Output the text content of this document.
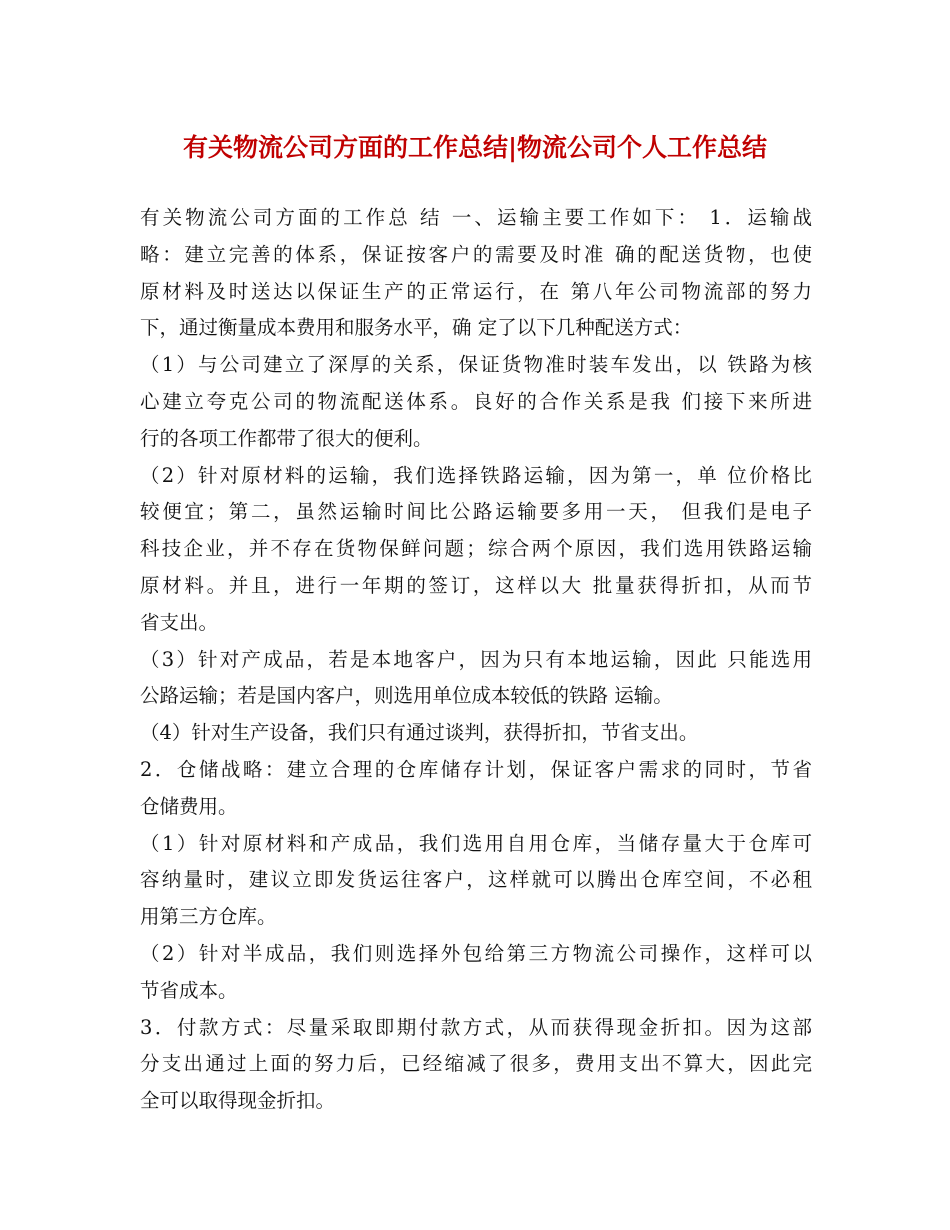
有关物流公司方面的工作总结|物流公司个人工作总结
有关物流公司方面的工作总 结 一、运输主要工作如下： 1．运输战
略：建立完善的体系，保证按客户的需要及时准 确的配送货物，也使
原材料及时送达以保证生产的正常运行，在 第八年公司物流部的努力
下，通过衡量成本费用和服务水平，确 定了以下几种配送方式：
（1）与公司建立了深厚的关系，保证货物准时装车发出，以 铁路为核
心建立夸克公司的物流配送体系。良好的合作关系是我 们接下来所进
行的各项工作都带了很大的便利。
（2）针对原材料的运输，我们选择铁路运输，因为第一，单 位价格比
较便宜；第二，虽然运输时间比公路运输要多用一天， 但我们是电子
科技企业，并不存在货物保鲜问题；综合两个原因，我们选用铁路运输
原材料。并且，进行一年期的签订，这样以大 批量获得折扣，从而节
省支出。
（3）针对产成品，若是本地客户，因为只有本地运输，因此 只能选用
公路运输；若是国内客户，则选用单位成本较低的铁路 运输。
（4）针对生产设备，我们只有通过谈判，获得折扣，节省支出。
2．仓储战略：建立合理的仓库储存计划，保证客户需求的同时，节省
仓储费用。
（1）针对原材料和产成品，我们选用自用仓库，当储存量大于仓库可
容纳量时，建议立即发货运往客户，这样就可以腾出仓库空间，不必租
用第三方仓库。
（2）针对半成品，我们则选择外包给第三方物流公司操作，这样可以
节省成本。
3．付款方式：尽量采取即期付款方式，从而获得现金折扣。因为这部
分支出通过上面的努力后，已经缩减了很多，费用支出不算大，因此完
全可以取得现金折扣。
